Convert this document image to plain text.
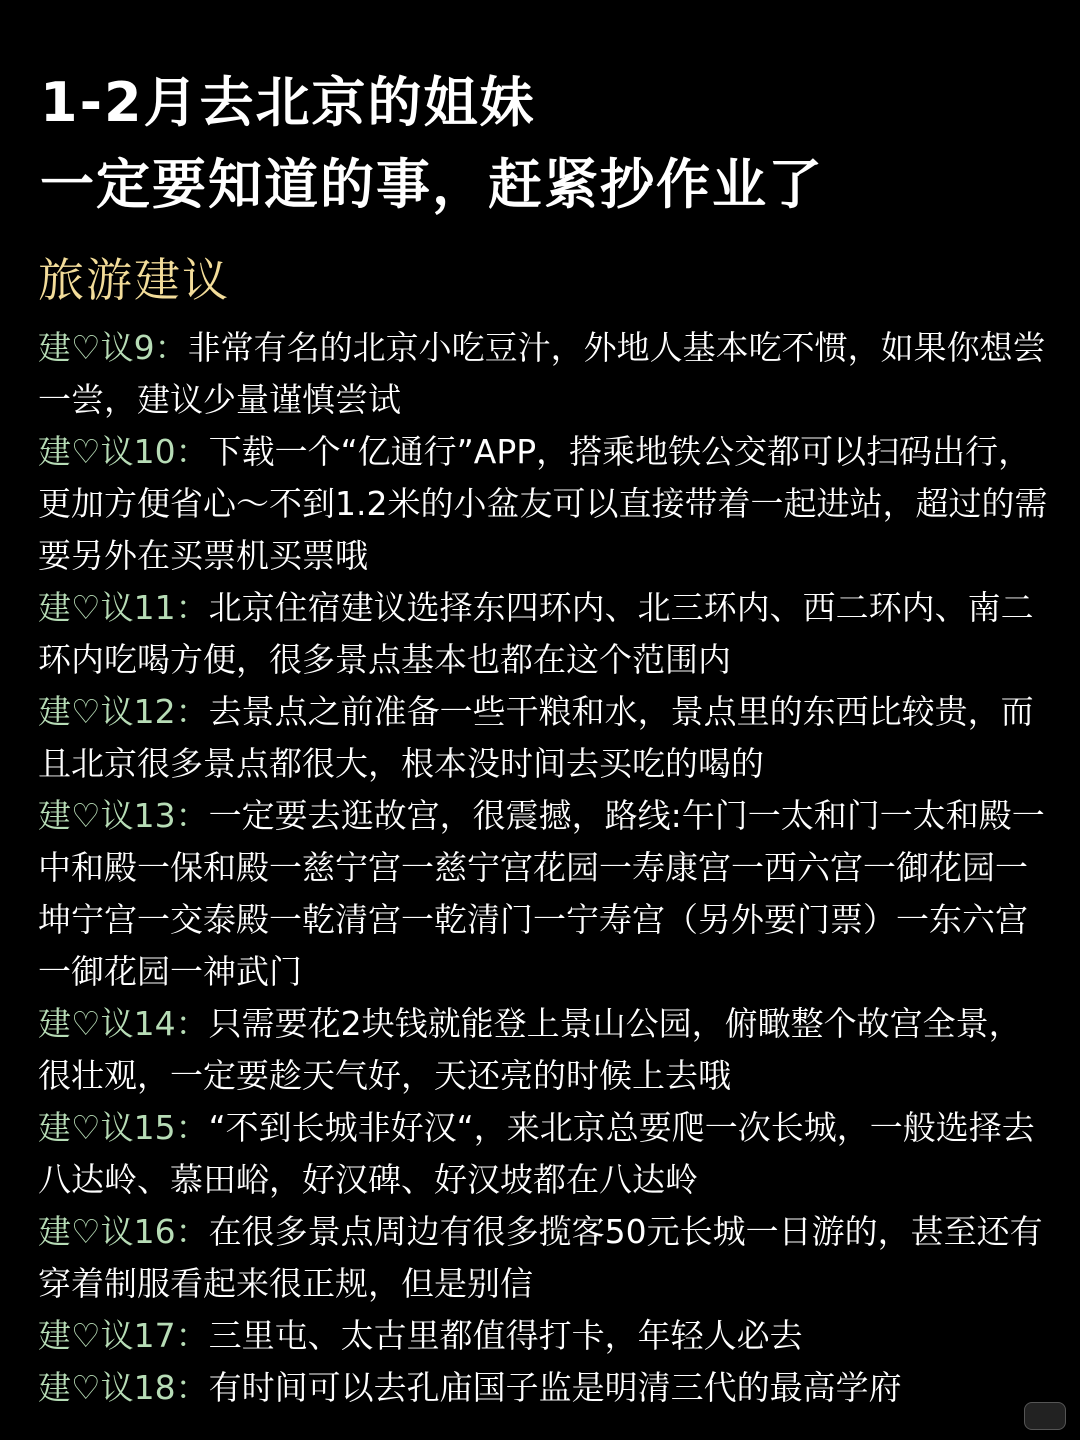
1-2月去北京的姐妹
一定要知道的事，赶紧抄作业了
旅游建议
建♡议9：非常有名的北京小吃豆汁，外地人基本吃不惯，如果你想尝一尝，建议少量谨慎尝试
建♡议10：下载一个“亿通行”APP，搭乘地铁公交都可以扫码出行，更加方便省心～不到1.2米的小盆友可以直接带着一起进站，超过的需要另外在买票机买票哦
建♡议11：北京住宿建议选择东四环内、北三环内、西二环内、南二环内吃喝方便，很多景点基本也都在这个范围内
建♡议12：去景点之前准备一些干粮和水，景点里的东西比较贵，而且北京很多景点都很大，根本没时间去买吃的喝的
建♡议13：一定要去逛故宫，很震撼，路线:午门一太和门一太和殿一中和殿一保和殿一慈宁宫一慈宁宫花园一寿康宫一西六宫一御花园一坤宁宫一交泰殿一乾清宫一乾清门一宁寿宫（另外要门票）一东六宫一御花园一神武门
建♡议14：只需要花2块钱就能登上景山公园，俯瞰整个故宫全景，很壮观，一定要趁天气好，天还亮的时候上去哦
建♡议15：“不到长城非好汉“，来北京总要爬一次长城，一般选择去八达岭、慕田峪，好汉碑、好汉坡都在八达岭
建♡议16：在很多景点周边有很多揽客50元长城一日游的，甚至还有穿着制服看起来很正规，但是别信
建♡议17：三里屯、太古里都值得打卡，年轻人必去
建♡议18：有时间可以去孔庙国子监是明清三代的最高学府
